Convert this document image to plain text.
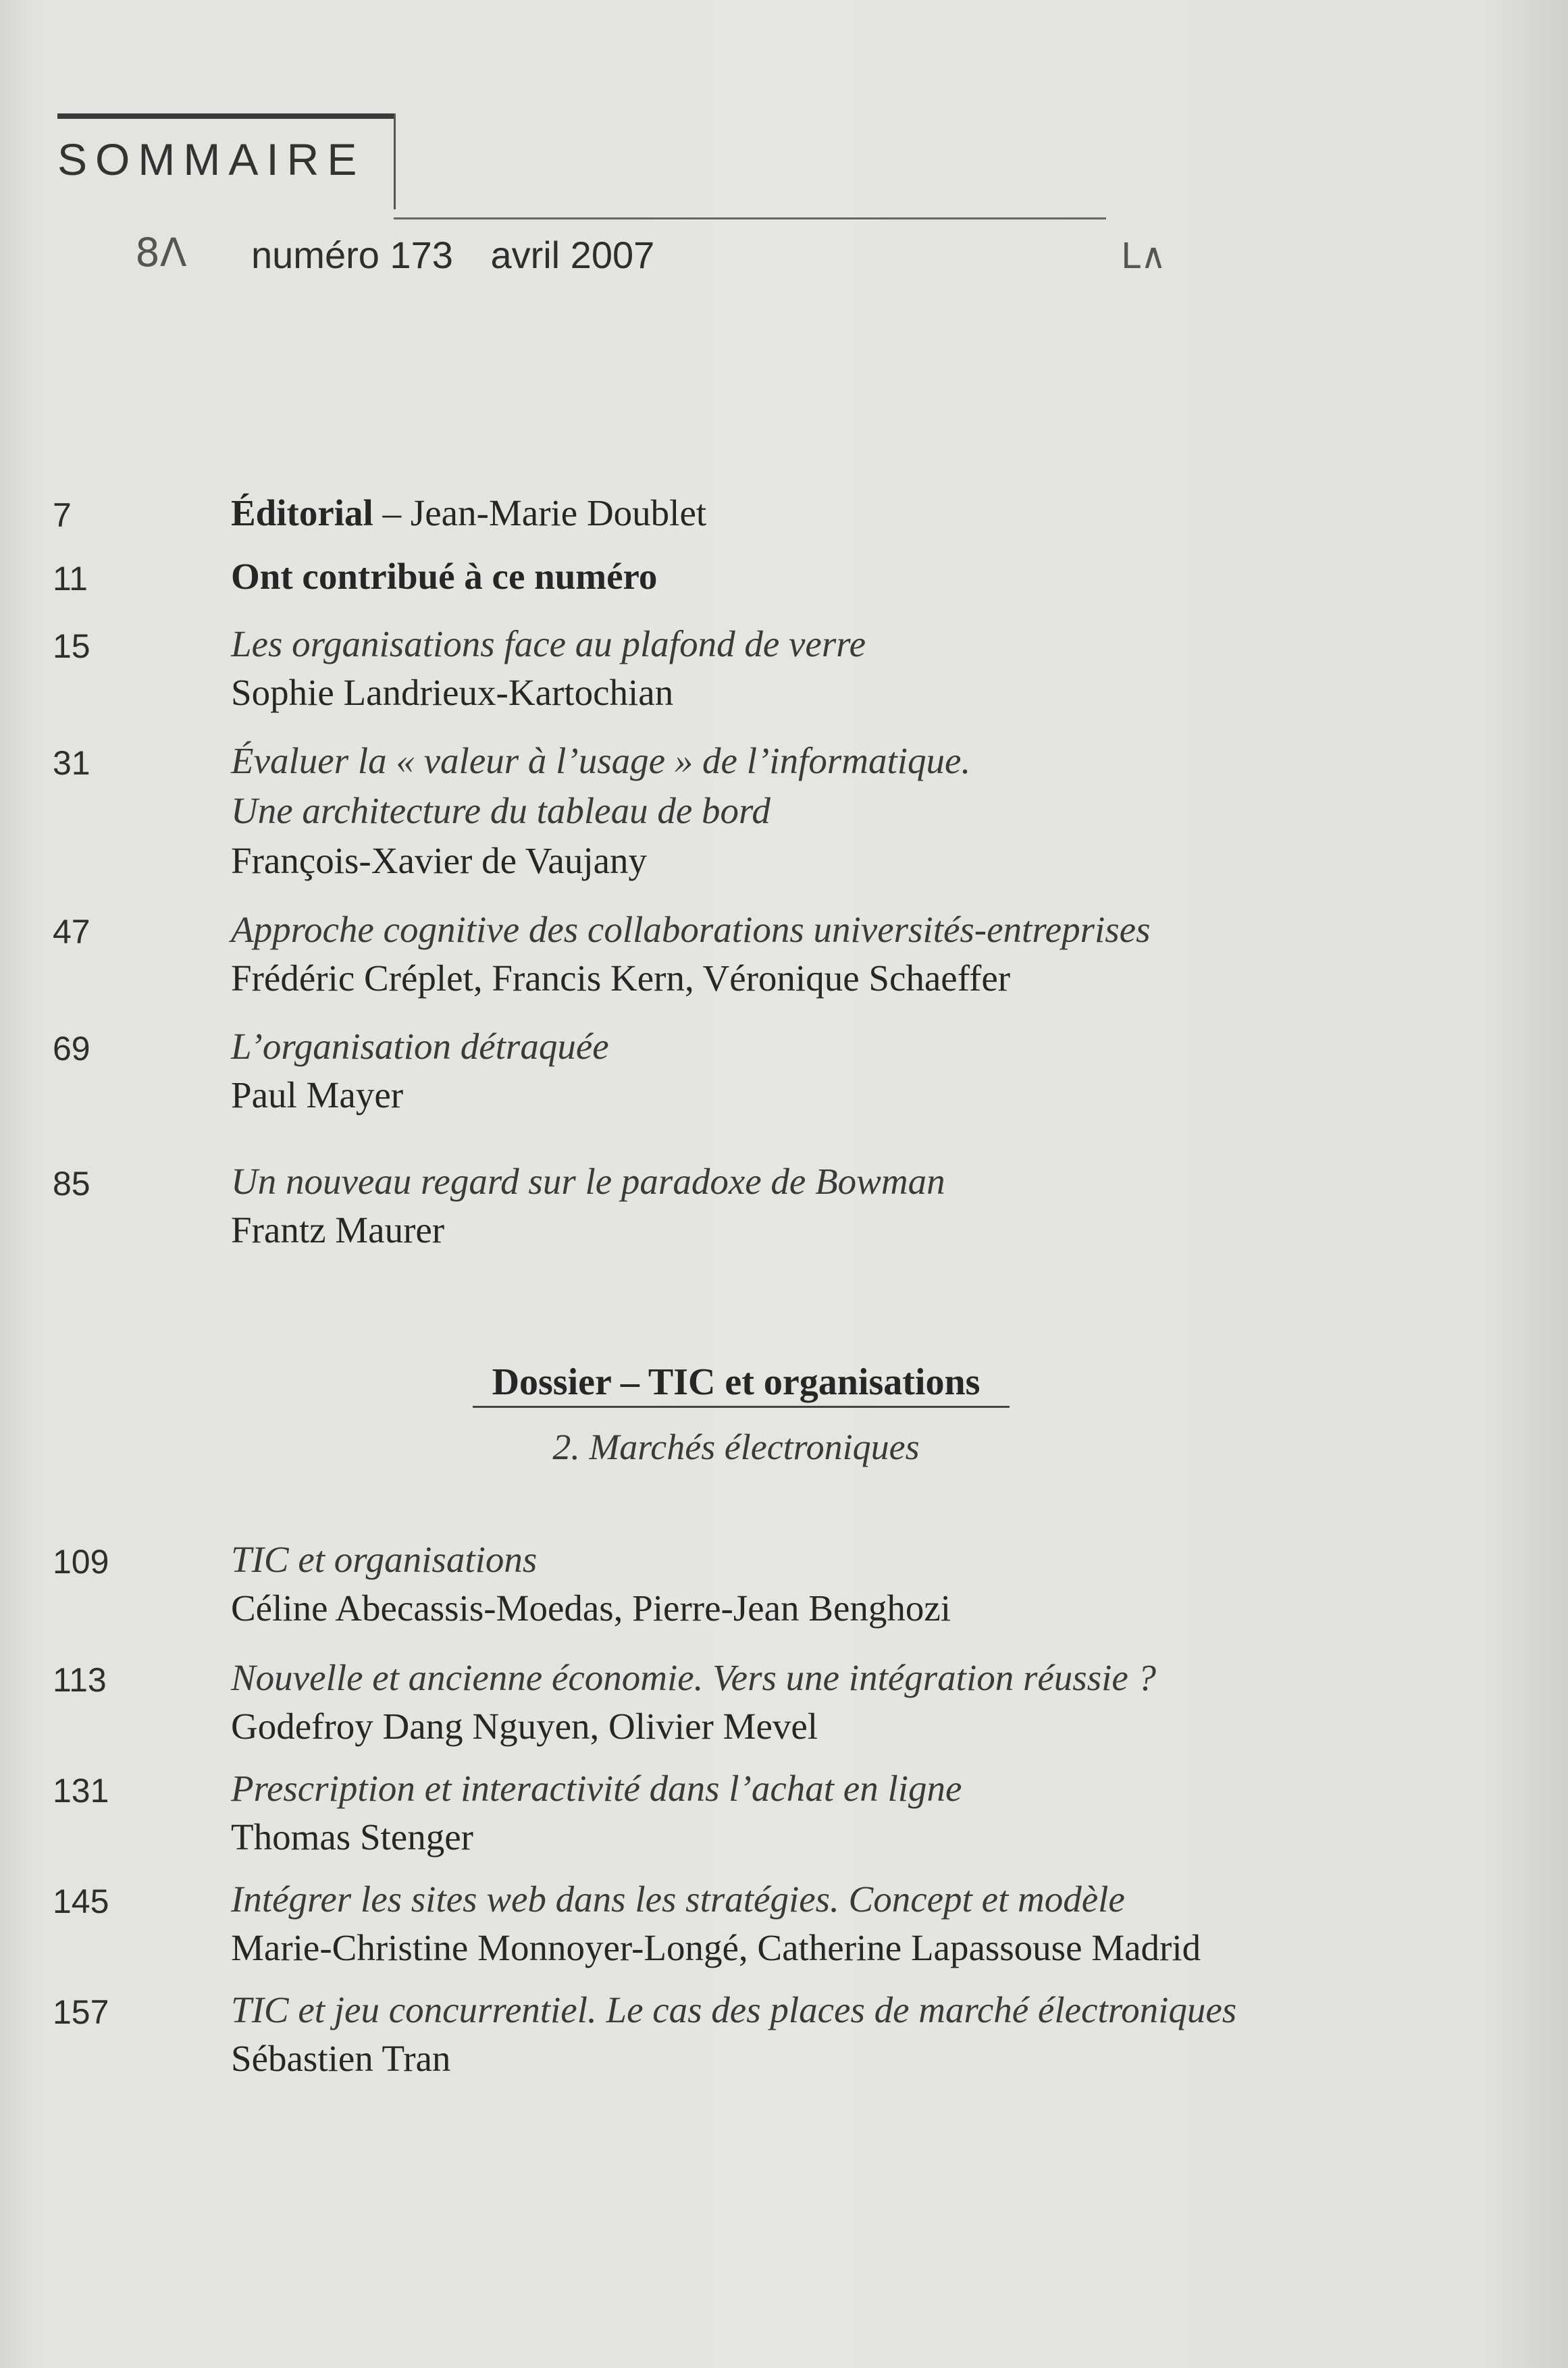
SOMMAIRE
8Λ	ᒪ∧
numéro 173 avril 2007
7	Éditorial – Jean-Marie Doublet
11	Ont contribué à ce numéro
15	Les organisations face au plafond de verre
Sophie Landrieux-Kartochian
31	Évaluer la « valeur à l’usage » de l’informatique.
Une architecture du tableau de bord
François-Xavier de Vaujany
47	Approche cognitive des collaborations universités-entreprises
Frédéric Créplet, Francis Kern, Véronique Schaeffer
69	L’organisation détraquée
Paul Mayer
85	Un nouveau regard sur le paradoxe de Bowman
Frantz Maurer
Dossier – TIC et organisations
2. Marchés électroniques
109	TIC et organisations
Céline Abecassis-Moedas, Pierre-Jean Benghozi
113	Nouvelle et ancienne économie. Vers une intégration réussie ?
Godefroy Dang Nguyen, Olivier Mevel
131	Prescription et interactivité dans l’achat en ligne
Thomas Stenger
145	Intégrer les sites web dans les stratégies. Concept et modèle
Marie-Christine Monnoyer-Longé, Catherine Lapassouse Madrid
157	TIC et jeu concurrentiel. Le cas des places de marché électroniques
Sébastien Tran
